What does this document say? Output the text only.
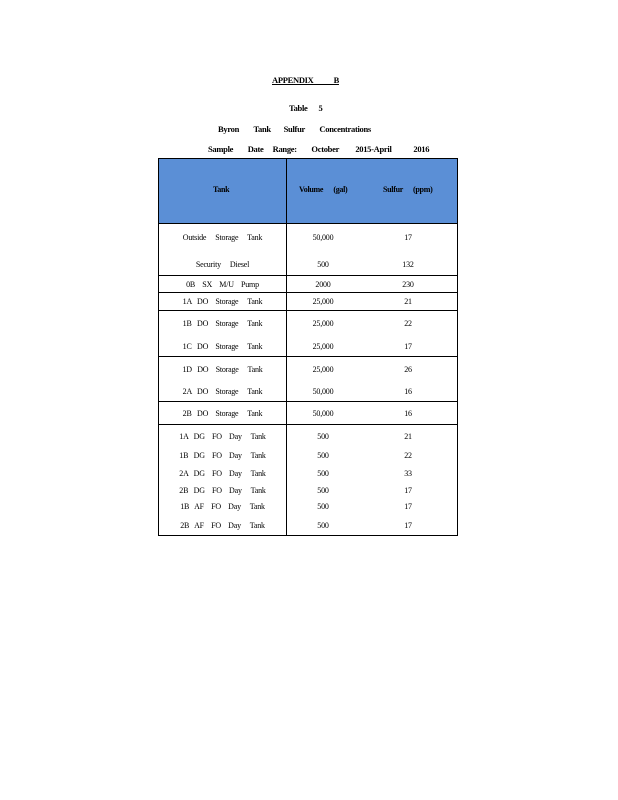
APPENDIX           B
Table      5
Byron        Tank       Sulfur        Concentrations
Sample        Date     Range:        October         2015-April            2016
Tank	Volume      (gal)	Sulfur      (ppm)
Outside     Storage     Tank	50,000	17
Security     Diesel	500	132
0B    SX    M/U    Pump	2000	230
1A   DO    Storage     Tank	25,000	21
1B   DO    Storage     Tank	25,000	22
1C   DO    Storage     Tank	25,000	17
1D   DO    Storage     Tank	25,000	26
2A   DO    Storage     Tank	50,000	16
2B   DO    Storage     Tank	50,000	16
1A   DG    FO    Day     Tank	500	21
1B   DG    FO    Day     Tank	500	22
2A   DG    FO    Day     Tank	500	33
2B   DG    FO    Day     Tank	500	17
1B   AF    FO    Day     Tank	500	17
2B   AF    FO    Day     Tank	500	17
